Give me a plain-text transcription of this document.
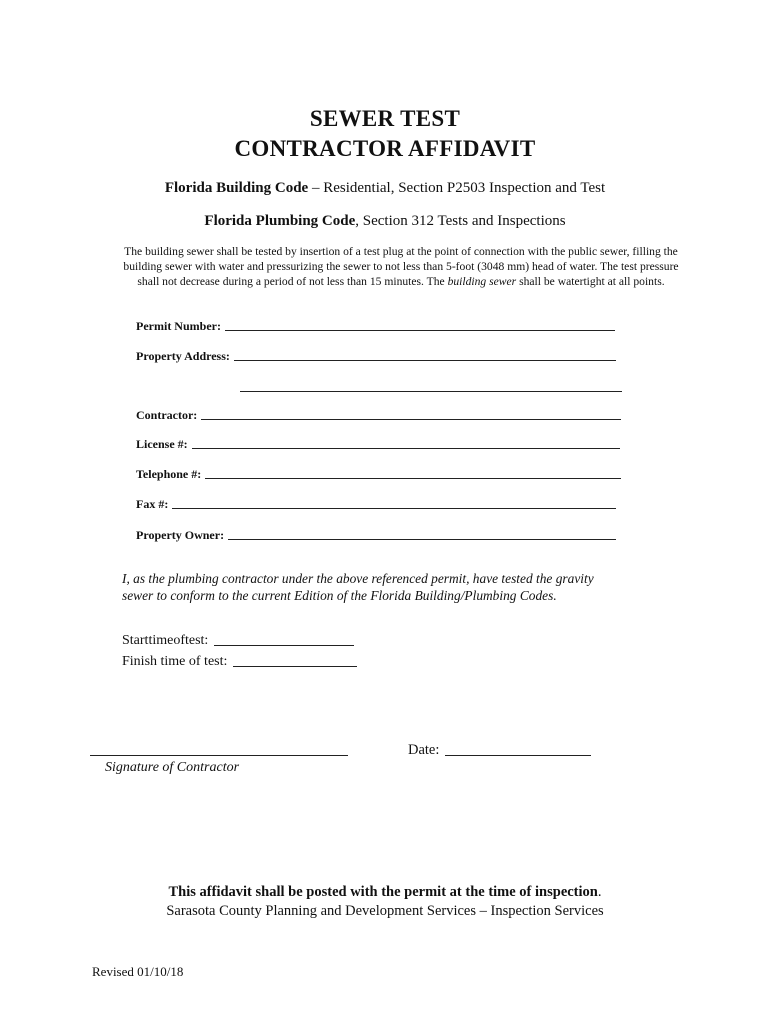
SEWER TEST
CONTRACTOR AFFIDAVIT
Florida Building Code – Residential, Section P2503 Inspection and Test
Florida Plumbing Code, Section 312 Tests and Inspections
The building sewer shall be tested by insertion of a test plug at the point of connection with the public sewer, filling the building sewer with water and pressurizing the sewer to not less than 5-foot (3048 mm) head of water. The test pressure shall not decrease during a period of not less than 15 minutes. The building sewer shall be watertight at all points.
Permit Number:
Property Address:
Contractor:
License #:
Telephone #:
Fax #:
Property Owner:
I, as the plumbing contractor under the above referenced permit, have tested the gravity sewer to conform to the current Edition of the Florida Building/Plumbing Codes.
Starttimeoftest:
Finish time of test:
Signature of Contractor
Date:
This affidavit shall be posted with the permit at the time of inspection.
Sarasota County Planning and Development Services – Inspection Services
Revised 01/10/18
